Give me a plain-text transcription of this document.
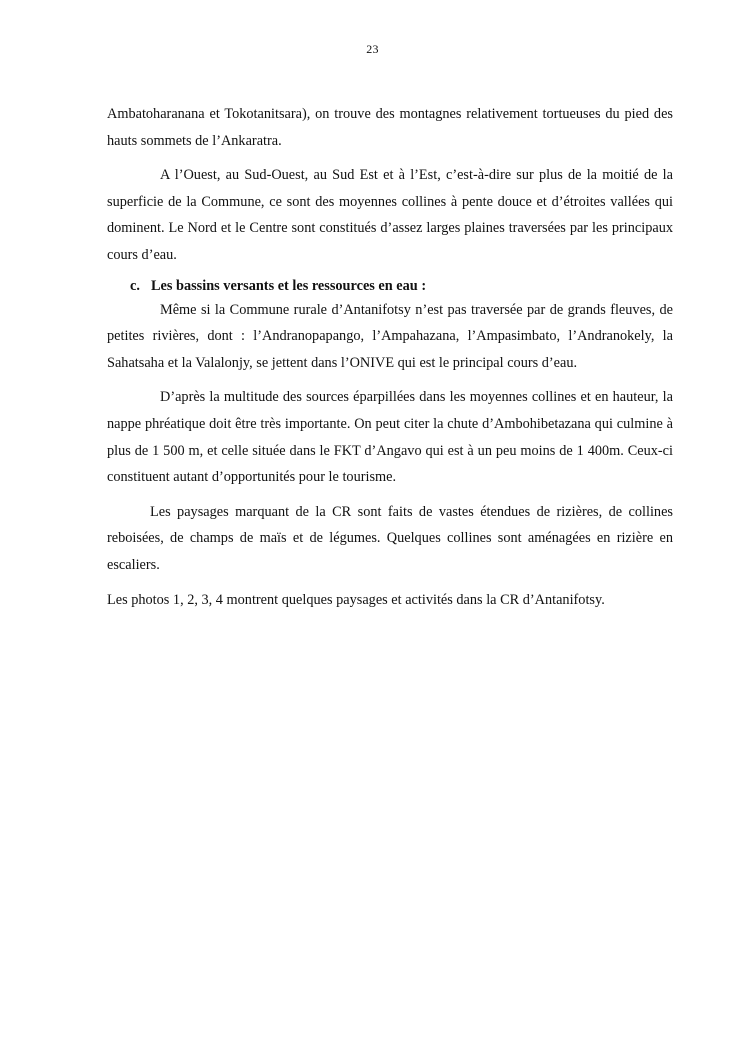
23

Ambatoharanana et Tokotanitsara), on trouve des montagnes relativement tortueuses du pied des hauts sommets de l’Ankaratra.

A l’Ouest, au Sud-Ouest, au Sud Est et à l’Est, c’est-à-dire sur plus de la moitié de la superficie de la Commune, ce sont des moyennes collines à pente douce et d’étroites vallées qui dominent. Le Nord et le Centre sont constitués d’assez larges plaines traversées par les principaux cours d’eau.

c. Les bassins versants et les ressources en eau :

Même si la Commune rurale d’Antanifotsy n’est pas traversée par de grands fleuves, de petites rivières, dont : l’Andranopapango, l’Ampahazana, l’Ampasimbato, l’Andranokely, la Sahatsaha et la Valalonjy, se jettent dans l’ONIVE qui est le principal cours d’eau.

D’après la multitude des sources éparpillées dans les moyennes collines et en hauteur, la nappe phréatique doit être très importante. On peut citer la chute d’Ambohibetazana qui culmine à plus de 1 500 m, et celle située dans le FKT d’Angavo qui est à un peu moins de 1 400m. Ceux-ci constituent autant d’opportunités pour le tourisme.

Les paysages marquant de la CR sont faits de vastes étendues de rizières, de collines reboisées, de champs de maïs et de légumes. Quelques collines sont aménagées en rizière en escaliers.

Les photos 1, 2, 3, 4 montrent quelques paysages et activités dans la CR d’Antanifotsy.
